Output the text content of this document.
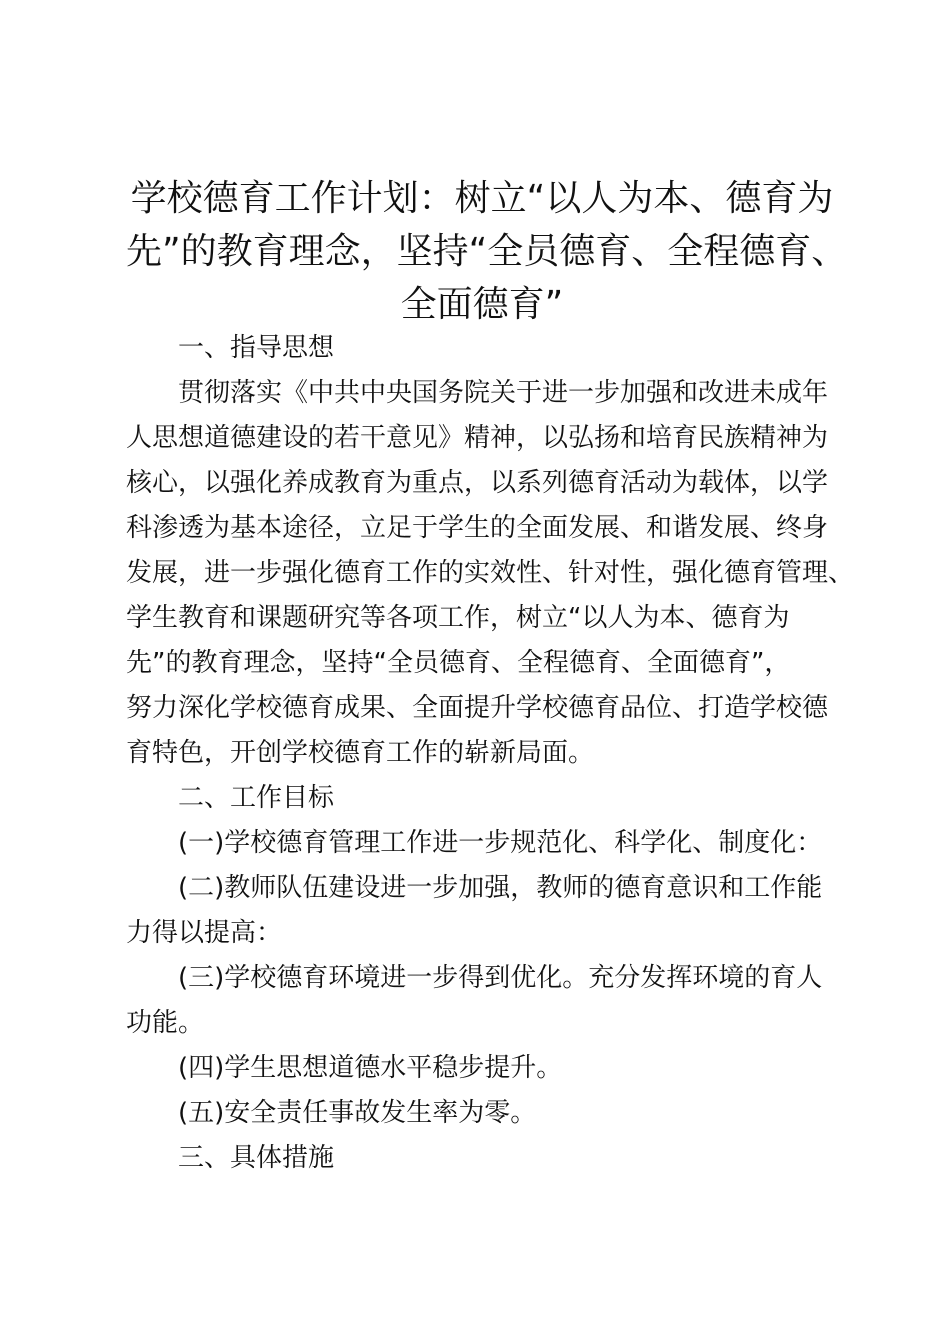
学校德育工作计划：树立“以人为本、德育为
先”的教育理念，坚持“全员德育、全程德育、
全面德育”
一、指导思想
贯彻落实《中共中央国务院关于进一步加强和改进未成年
人思想道德建设的若干意见》精神，以弘扬和培育民族精神为
核心，以强化养成教育为重点，以系列德育活动为载体，以学
科渗透为基本途径，立足于学生的全面发展、和谐发展、终身
发展，进一步强化德育工作的实效性、针对性，强化德育管理、
学生教育和课题研究等各项工作，树立“以人为本、德育为
先”的教育理念，坚持“全员德育、全程德育、全面德育”，
努力深化学校德育成果、全面提升学校德育品位、打造学校德
育特色，开创学校德育工作的崭新局面。
二、工作目标
(一)学校德育管理工作进一步规范化、科学化、制度化：
(二)教师队伍建设进一步加强，教师的德育意识和工作能
力得以提高：
(三)学校德育环境进一步得到优化。充分发挥环境的育人
功能。
(四)学生思想道德水平稳步提升。
(五)安全责任事故发生率为零。
三、具体措施
